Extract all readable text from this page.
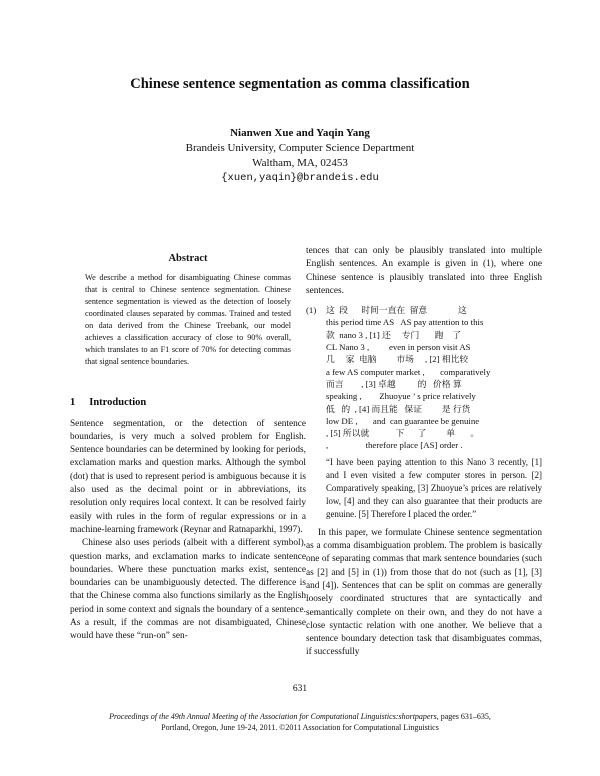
Chinese sentence segmentation as comma classification
Nianwen Xue and Yaqin Yang
Brandeis University, Computer Science Department
Waltham, MA, 02453
{xuen,yaqin}@brandeis.edu
Abstract

We describe a method for disambiguating Chinese commas that is central to Chinese sentence segmentation. Chinese sentence segmentation is viewed as the detection of loosely coordinated clauses separated by commas. Trained and tested on data derived from the Chinese Treebank, our model achieves a classification accuracy of close to 90% overall, which translates to an F1 score of 70% for detecting commas that signal sentence boundaries.

1 Introduction

Sentence segmentation, or the detection of sentence boundaries, is very much a solved problem for English. Sentence boundaries can be determined by looking for periods, exclamation marks and question marks. Although the symbol (dot) that is used to represent period is ambiguous because it is also used as the decimal point or in abbreviations, its resolution only requires local context. It can be resolved fairly easily with rules in the form of regular expressions or in a machine-learning framework (Reynar and Ratnaparkhi, 1997).

Chinese also uses periods (albeit with a different symbol), question marks, and exclamation marks to indicate sentence boundaries. Where these punctuation marks exist, sentence boundaries can be unambiguously detected. The difference is that the Chinese comma also functions similarly as the English period in some context and signals the boundary of a sentence. As a result, if the commas are not disambiguated, Chinese would have these “run-on” sen-

tences that can only be plausibly translated into multiple English sentences. An example is given in (1), where one Chinese sentence is plausibly translated into three English sentences.

(1)	这  段      时间一直在  留意              这
this period time AS   AS pay attention to this
款  nano 3 , [1] 还     专门       跑    了
CL Nano 3 ,         even in person visit AS
几     家  电脑         市场     , [2] 相比较
a few AS computer market ,       comparatively
而言        , [3] 卓越          的   价格 算
speaking ,        Zhuoyue ’ s price relatively
低   的  , [4] 而且能   保证         是 行货
low DE ,       and  can guarantee be genuine
, [5] 所以就            下      了         单       。
,                 therefore place [AS] order .

“I have been paying attention to this Nano 3 recently, [1] and I even visited a few computer stores in person. [2] Comparatively speaking, [3] Zhuoyue’s prices are relatively low, [4] and they can also guarantee that their products are genuine. [5] Therefore I placed the order.”

In this paper, we formulate Chinese sentence segmentation as a comma disambiguation problem. The problem is basically one of separating commas that mark sentence boundaries (such as [2] and [5] in (1)) from those that do not (such as [1], [3] and [4]). Sentences that can be split on commas are generally loosely coordinated structures that are syntactically and semantically complete on their own, and they do not have a close syntactic relation with one another. We believe that a sentence boundary detection task that disambiguates commas, if successfully

631
Proceedings of the 49th Annual Meeting of the Association for Computational Linguistics:shortpapers, pages 631–635,
Portland, Oregon, June 19-24, 2011. ©2011 Association for Computational Linguistics
